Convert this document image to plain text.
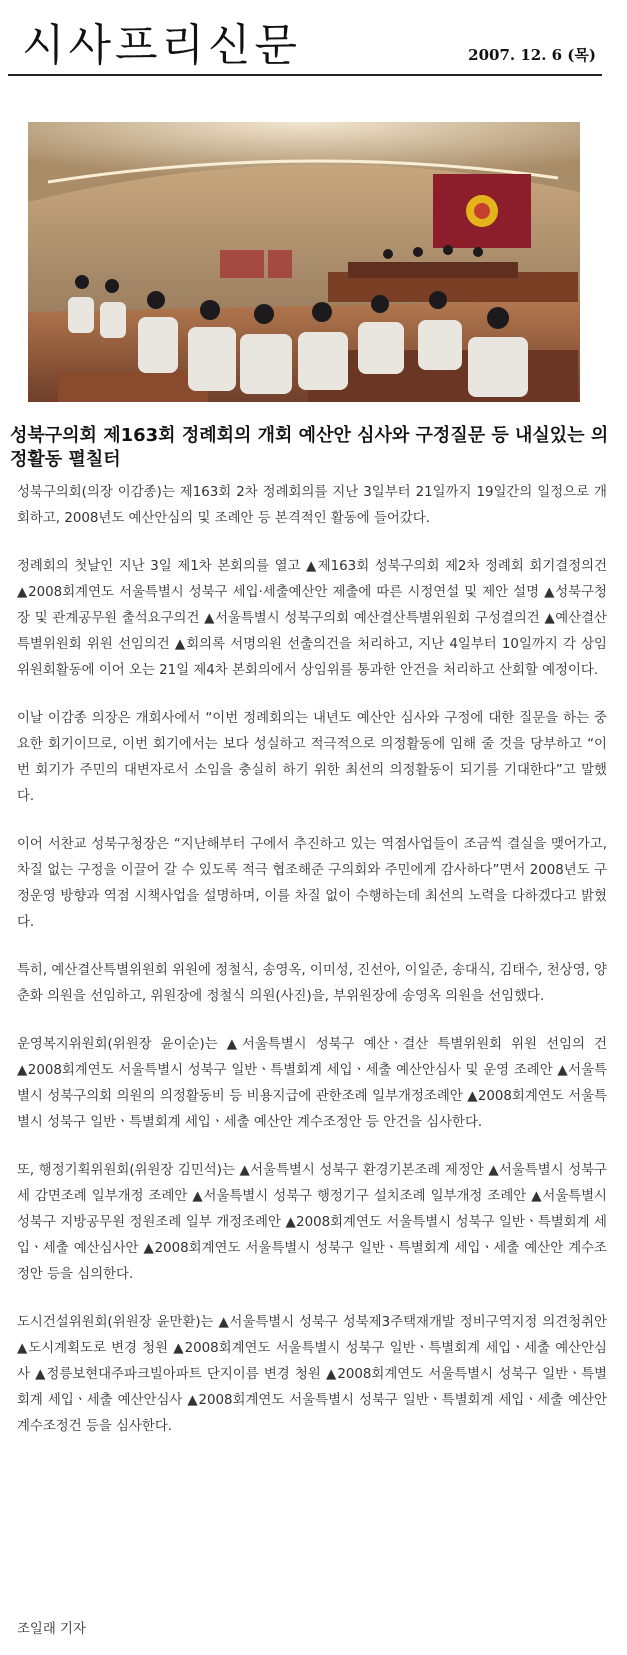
시사프리신문	2007. 12. 6 (목)
성북구의회 제163회 정례회의 개회 예산안 심사와 구정질문 등 내실있는 의정활동 펼칠터

성북구의회(의장 이감종)는 제163회 2차 정례회의를 지난 3일부터 21일까지 19일간의 일정으로 개회하고, 2008년도 예산안심의 및 조례안 등 본격적인 활동에 들어갔다.

정례회의 첫날인 지난 3일 제1차 본회의를 열고 ▲제163회 성북구의회 제2차 정례회 회기결정의건 ▲2008회계연도 서울특별시 성북구 세입·세출예산안 제출에 따른 시정연설 및 제안 설명 ▲성북구청장 및 관계공무원 출석요구의건 ▲서울특별시 성북구의회 예산결산특별위원회 구성결의건 ▲예산결산특별위원회 위원 선임의건 ▲회의록 서명의원 선출의건을 처리하고, 지난 4일부터 10일까지 각 상임위원회활동에 이어 오는 21일 제4차 본회의에서 상임위를 통과한 안건을 처리하고 산회할 예정이다.

이날 이감종 의장은 개회사에서 “이번 정례회의는 내년도 예산안 심사와 구정에 대한 질문을 하는 중요한 회기이므로, 이번 회기에서는 보다 성실하고 적극적으로 의정활동에 임해 줄 것을 당부하고 “이번 회기가 주민의 대변자로서 소임을 충실히 하기 위한 최선의 의정활동이 되기를 기대한다”고 말했다.

이어 서찬교 성북구청장은 “지난해부터 구에서 추진하고 있는 역점사업들이 조금씩 결실을 맺어가고, 차질 없는 구정을 이끌어 갈 수 있도록 적극 협조해준 구의회와 주민에게 감사하다”면서 2008년도 구정운영 방향과 역점 시책사업을 설명하며, 이를 차질 없이 수행하는데 최선의 노력을 다하겠다고 밝혔다.

특히, 예산결산특별위원회 위원에 정철식, 송영옥, 이미성, 진선아, 이일준, 송대식, 김태수, 천상영, 양춘화 의원을 선임하고, 위원장에 정철식 의원(사진)을, 부위원장에 송영옥 의원을 선임했다.

운영복지위원회(위원장 윤이순)는 ▲서울특별시 성북구 예산ㆍ결산 특별위원회 위원 선임의 건 ▲2008회계연도 서울특별시 성북구 일반ㆍ특별회계 세입ㆍ세출 예산안심사 및 운영 조례안 ▲서울특별시 성북구의회 의원의 의정활동비 등 비용지급에 관한조례 일부개정조례안 ▲2008회계연도 서울특별시 성북구 일반ㆍ특별회계 세입ㆍ세출 예산안 계수조정안 등 안건을 심사한다.

또, 행정기획위원회(위원장 김민석)는 ▲서울특별시 성북구 환경기본조례 제정안 ▲서울특별시 성북구세 감면조례 일부개정 조례안 ▲서울특별시 성북구 행정기구 설치조례 일부개정 조례안 ▲서울특별시 성북구 지방공무원 정원조례 일부 개정조례안 ▲2008회계연도 서울특별시 성북구 일반ㆍ특별회계 세입ㆍ세출 예산심사안 ▲2008회계연도 서울특별시 성북구 일반ㆍ특별회계 세입ㆍ세출 예산안 계수조정안 등을 심의한다.

도시건설위원회(위원장 윤만환)는 ▲서울특별시 성북구 성북제3주택재개발 정비구역지정 의견청취안 ▲도시계획도로 변경 청원 ▲2008회계연도 서울특별시 성북구 일반ㆍ특별회계 세입ㆍ세출 예산안심사 ▲정릉보현대주파크빌아파트 단지이름 변경 청원 ▲2008회계연도 서울특별시 성북구 일반ㆍ특별회계 세입ㆍ세출 예산안심사 ▲2008회계연도 서울특별시 성북구 일반ㆍ특별회계 세입ㆍ세출 예산안 계수조정건 등을 심사한다.

조일래 기자
